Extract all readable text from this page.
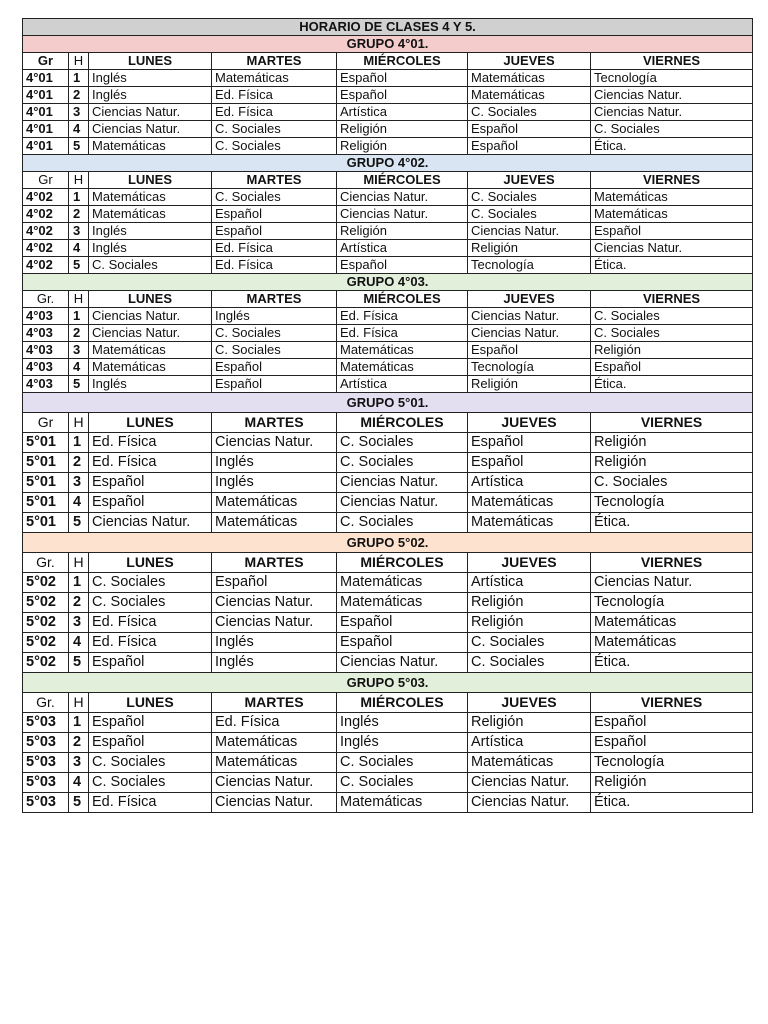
HORARIO DE CLASES 4 Y 5.						
GRUPO 4°01.						
Gr	H	LUNES	MARTES	MIÉRCOLES	JUEVES	VIERNES
4°01	1	Inglés	Matemáticas	Español	Matemáticas	Tecnología
4°01	2	Inglés	Ed. Física	Español	Matemáticas	Ciencias Natur.
4°01	3	Ciencias Natur.	Ed. Física	Artística	C. Sociales	Ciencias Natur.
4°01	4	Ciencias Natur.	C. Sociales	Religión	Español	C. Sociales
4°01	5	Matemáticas	C. Sociales	Religión	Español	Ética.
GRUPO 4°02.						
Gr	H	LUNES	MARTES	MIÉRCOLES	JUEVES	VIERNES
4°02	1	Matemáticas	C. Sociales	Ciencias Natur.	C. Sociales	Matemáticas
4°02	2	Matemáticas	Español	Ciencias Natur.	C. Sociales	Matemáticas
4°02	3	Inglés	Español	Religión	Ciencias Natur.	Español
4°02	4	Inglés	Ed. Física	Artística	Religión	Ciencias Natur.
4°02	5	C. Sociales	Ed. Física	Español	Tecnología	Ética.
GRUPO 4°03.						
Gr.	H	LUNES	MARTES	MIÉRCOLES	JUEVES	VIERNES
4°03	1	Ciencias Natur.	Inglés	Ed. Física	Ciencias Natur.	C. Sociales
4°03	2	Ciencias Natur.	C. Sociales	Ed. Física	Ciencias Natur.	C. Sociales
4°03	3	Matemáticas	C. Sociales	Matemáticas	Español	Religión
4°03	4	Matemáticas	Español	Matemáticas	Tecnología	Español
4°03	5	Inglés	Español	Artística	Religión	Ética.
GRUPO 5°01.						
Gr	H	LUNES	MARTES	MIÉRCOLES	JUEVES	VIERNES
5°01	1	Ed. Física	Ciencias Natur.	C. Sociales	Español	Religión
5°01	2	Ed. Física	Inglés	C. Sociales	Español	Religión
5°01	3	Español	Inglés	Ciencias Natur.	Artística	C. Sociales
5°01	4	Español	Matemáticas	Ciencias Natur.	Matemáticas	Tecnología
5°01	5	Ciencias Natur.	Matemáticas	C. Sociales	Matemáticas	Ética.
GRUPO 5°02.						
Gr.	H	LUNES	MARTES	MIÉRCOLES	JUEVES	VIERNES
5°02	1	C. Sociales	Español	Matemáticas	Artística	Ciencias Natur.
5°02	2	C. Sociales	Ciencias Natur.	Matemáticas	Religión	Tecnología
5°02	3	Ed. Física	Ciencias Natur.	Español	Religión	Matemáticas
5°02	4	Ed. Física	Inglés	Español	C. Sociales	Matemáticas
5°02	5	Español	Inglés	Ciencias Natur.	C. Sociales	Ética.
GRUPO 5°03.						
Gr.	H	LUNES	MARTES	MIÉRCOLES	JUEVES	VIERNES
5°03	1	Español	Ed. Física	Inglés	Religión	Español
5°03	2	Español	Matemáticas	Inglés	Artística	Español
5°03	3	C. Sociales	Matemáticas	C. Sociales	Matemáticas	Tecnología
5°03	4	C. Sociales	Ciencias Natur.	C. Sociales	Ciencias Natur.	Religión
5°03	5	Ed. Física	Ciencias Natur.	Matemáticas	Ciencias Natur.	Ética.
